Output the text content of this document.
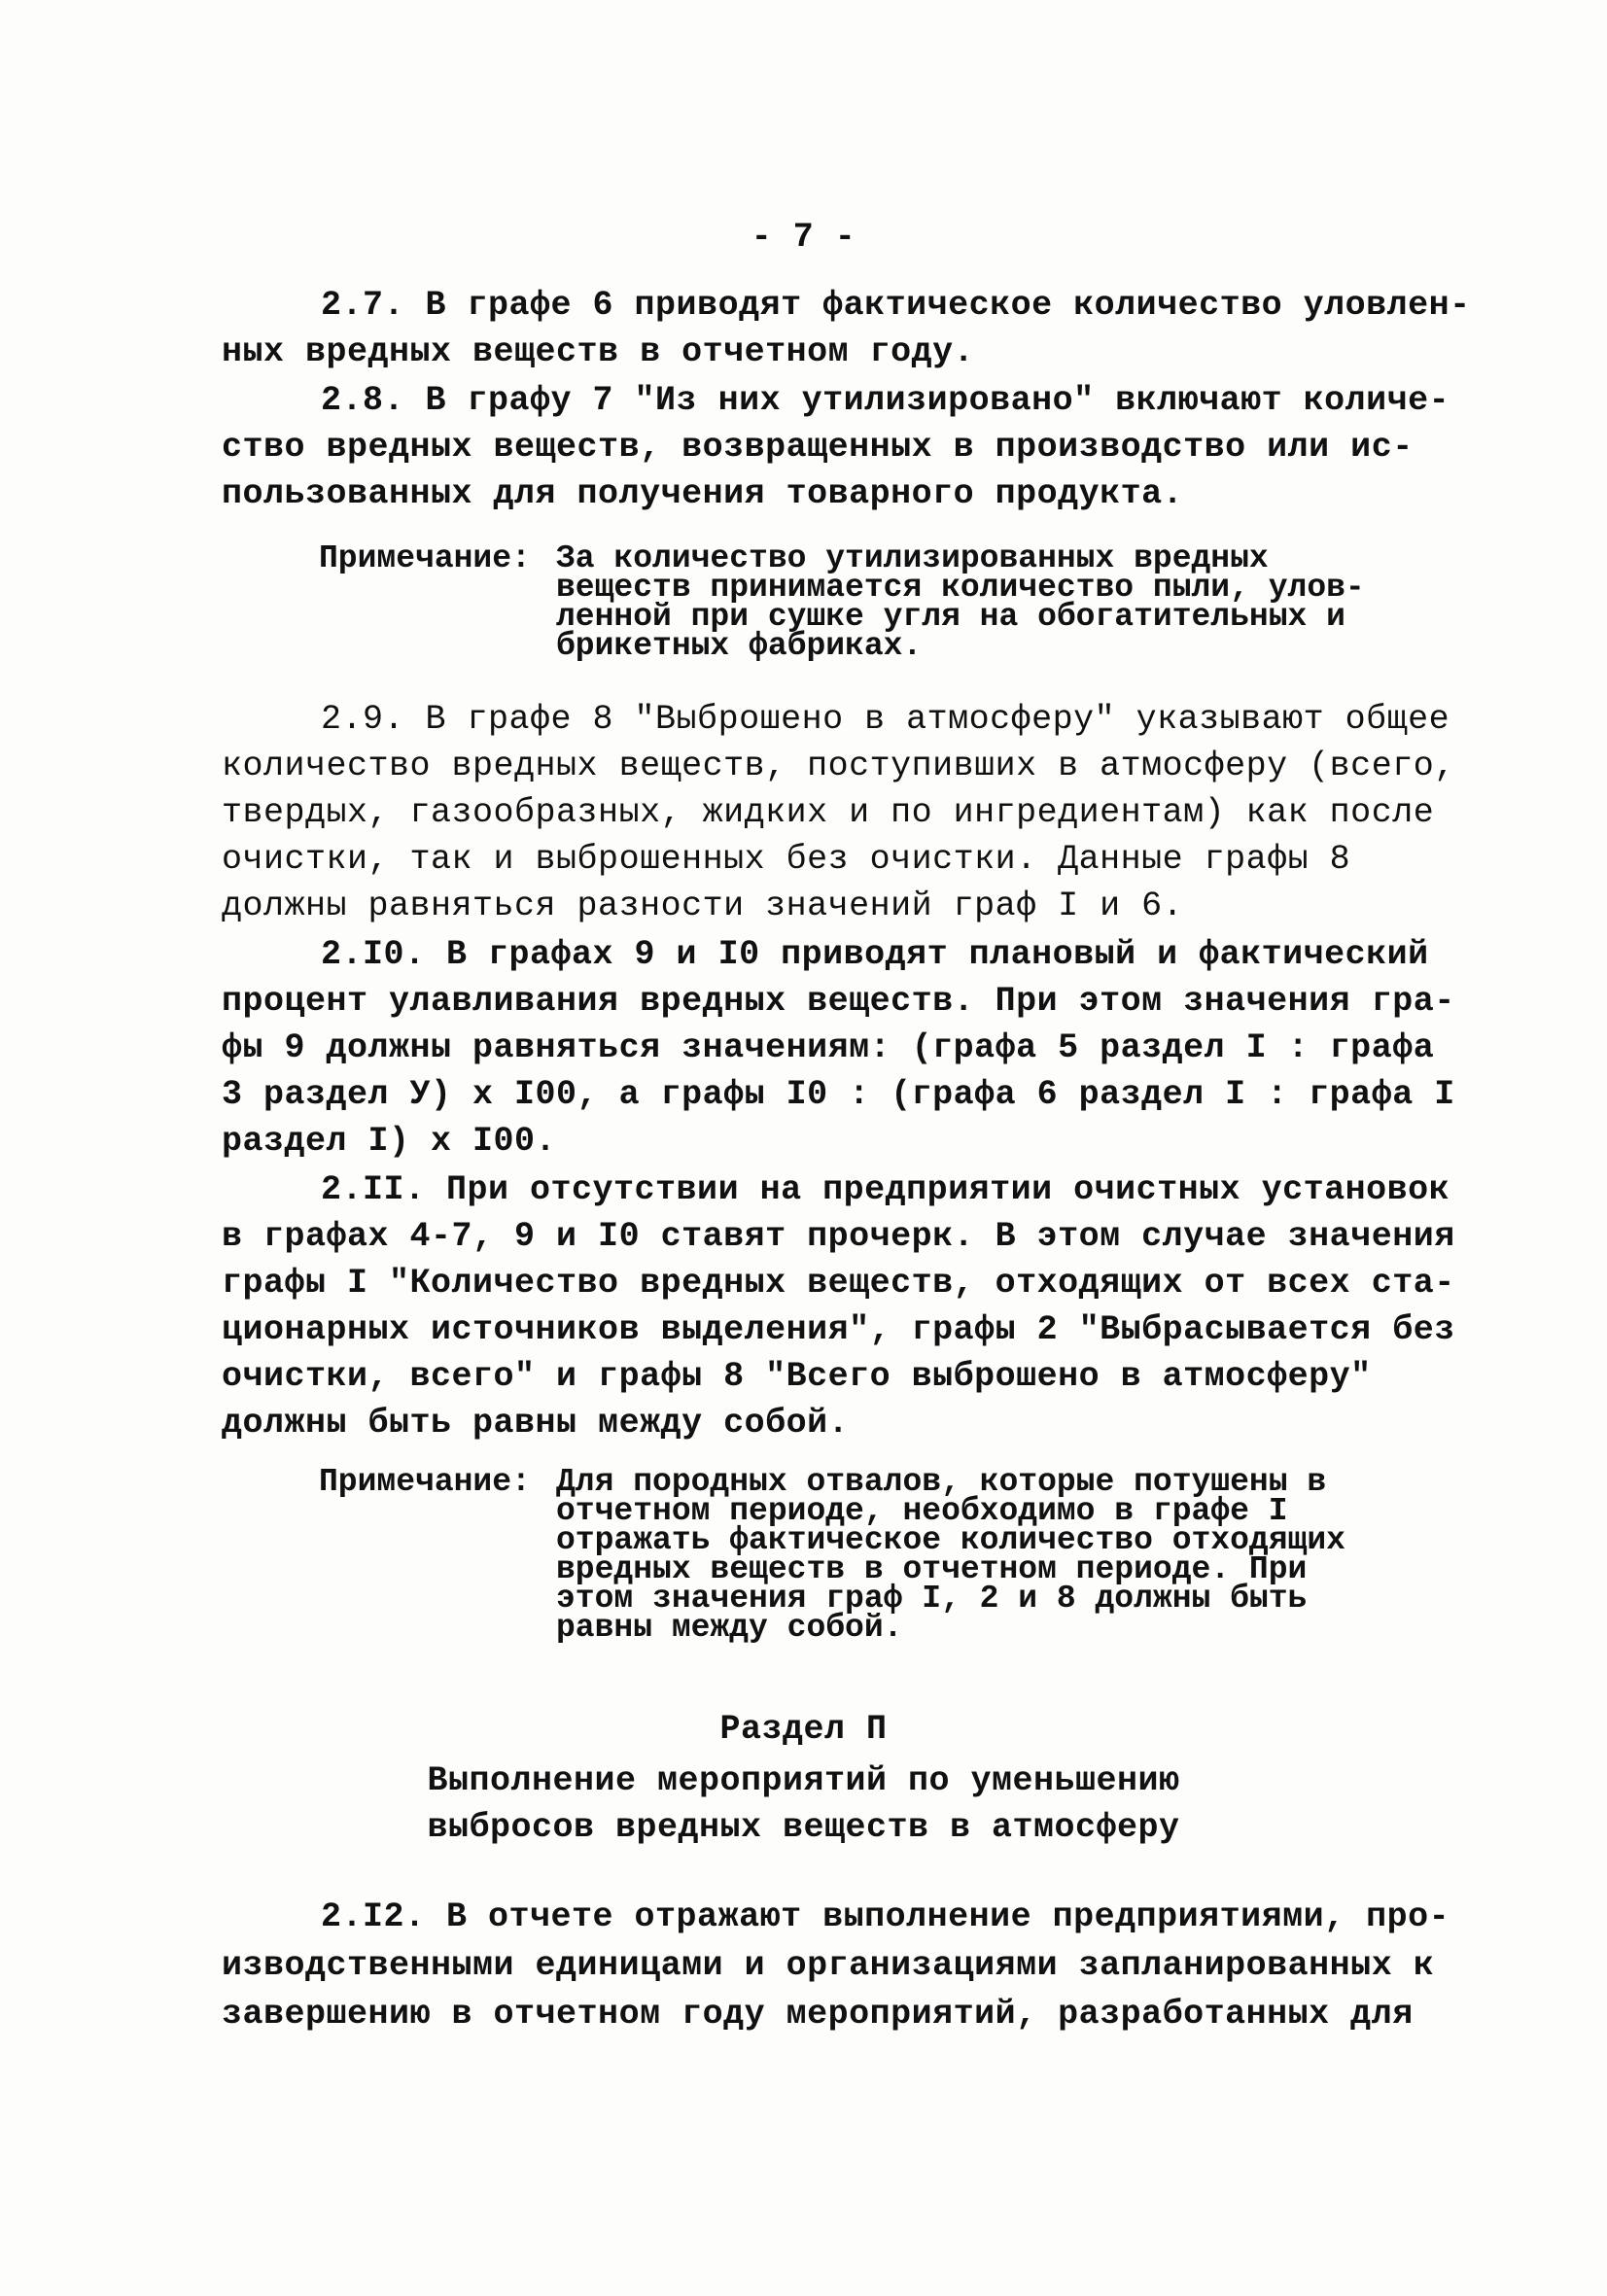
- 7 -
2.7. В графе 6 приводят фактическое количество уловлен-
ных вредных веществ в отчетном году.
2.8. В графу 7 "Из них утилизировано" включают количе-
ство вредных веществ, возвращенных в производство или ис-
пользованных для получения товарного продукта.
Примечание: За количество утилизированных вредных
веществ принимается количество пыли, улов-
ленной при сушке угля на обогатительных и
брикетных фабриках.
2.9. В графе 8 "Выброшено в атмосферу" указывают общее
количество вредных веществ, поступивших в атмосферу (всего,
твердых, газообразных, жидких и по ингредиентам) как после
очистки, так и выброшенных без очистки. Данные графы 8
должны равняться разности значений граф I и 6.
2.I0. В графах 9 и I0 приводят плановый и фактический
процент улавливания вредных веществ. При этом значения гра-
фы 9 должны равняться значениям: (графа 5 раздел I : графа
3 раздел У) х I00, а графы I0 : (графа 6 раздел I : графа I
раздел I) х I00.
2.II. При отсутствии на предприятии очистных установок
в графах 4-7, 9 и I0 ставят прочерк. В этом случае значения
графы I "Количество вредных веществ, отходящих от всех ста-
ционарных источников выделения", графы 2 "Выбрасывается без
очистки, всего" и графы 8 "Всего выброшено в атмосферу"
должны быть равны между собой.
Примечание: Для породных отвалов, которые потушены в
отчетном периоде, необходимо в графе I
отражать фактическое количество отходящих
вредных веществ в отчетном периоде. При
этом значения граф I, 2 и 8 должны быть
равны между собой.
Раздел П
Выполнение мероприятий по уменьшению
выбросов вредных веществ в атмосферу
2.I2. В отчете отражают выполнение предприятиями, про-
изводственными единицами и организациями запланированных к
завершению в отчетном году мероприятий, разработанных для
